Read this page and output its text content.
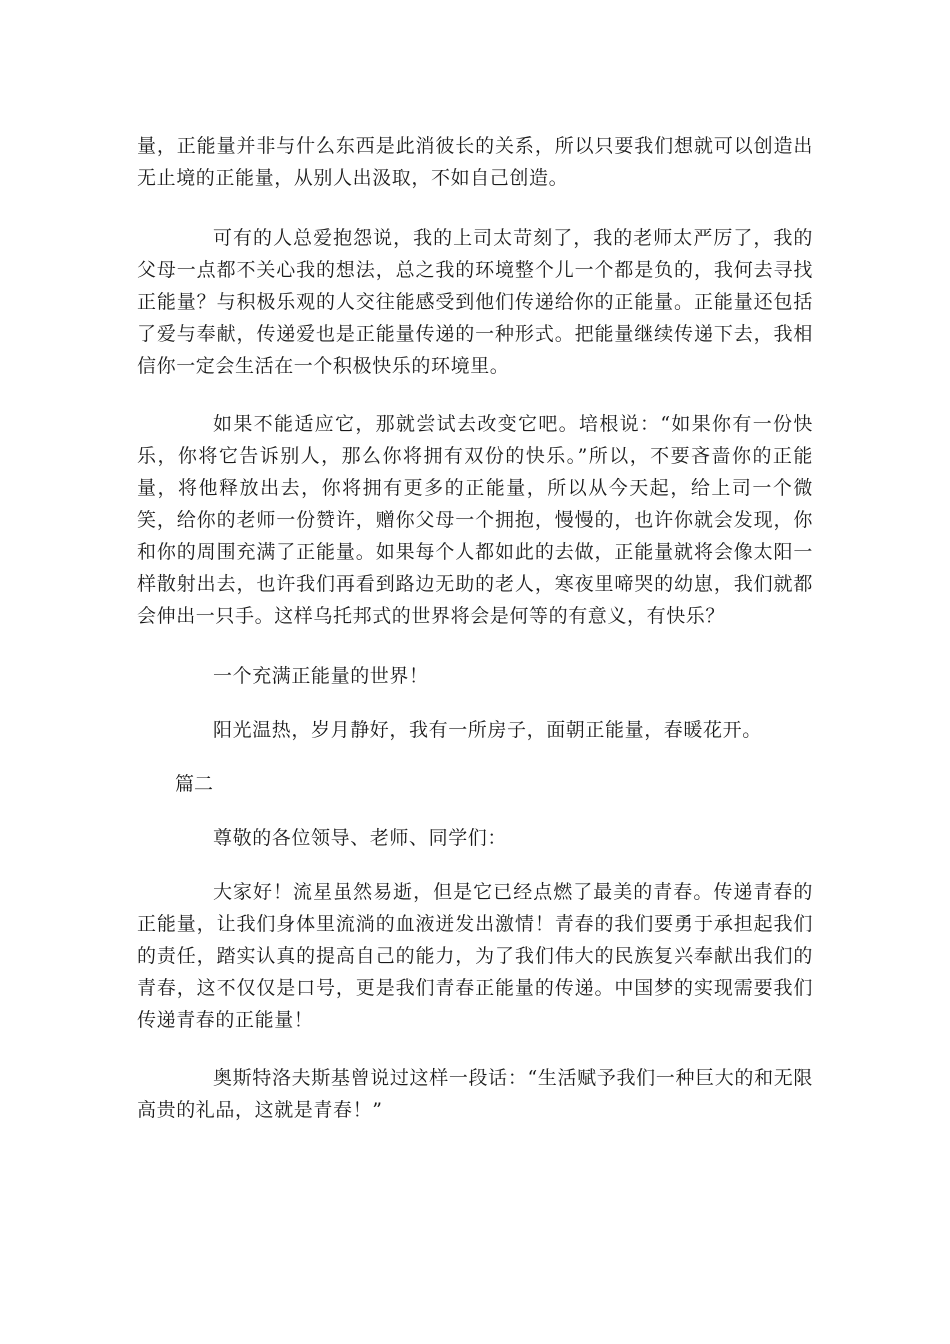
量，正能量并非与什么东西是此消彼长的关系，所以只要我们想就可以创造出无止境的正能量，从别人出汲取，不如自己创造。

可有的人总爱抱怨说，我的上司太苛刻了，我的老师太严厉了，我的父母一点都不关心我的想法，总之我的环境整个儿一个都是负的，我何去寻找正能量？与积极乐观的人交往能感受到他们传递给你的正能量。正能量还包括了爱与奉献，传递爱也是正能量传递的一种形式。把能量继续传递下去，我相信你一定会生活在一个积极快乐的环境里。

如果不能适应它，那就尝试去改变它吧。培根说：“如果你有一份快乐，你将它告诉别人，那么你将拥有双份的快乐。”所以，不要吝啬你的正能量，将他释放出去，你将拥有更多的正能量，所以从今天起，给上司一个微笑，给你的老师一份赞许，赠你父母一个拥抱，慢慢的，也许你就会发现，你和你的周围充满了正能量。如果每个人都如此的去做，正能量就将会像太阳一样散射出去，也许我们再看到路边无助的老人，寒夜里啼哭的幼崽，我们就都会伸出一只手。这样乌托邦式的世界将会是何等的有意义，有快乐？

一个充满正能量的世界！

阳光温热，岁月静好，我有一所房子，面朝正能量，春暖花开。

篇二

尊敬的各位领导、老师、同学们：

大家好！流星虽然易逝，但是它已经点燃了最美的青春。传递青春的正能量，让我们身体里流淌的血液迸发出激情！青春的我们要勇于承担起我们的责任，踏实认真的提高自己的能力，为了我们伟大的民族复兴奉献出我们的青春，这不仅仅是口号，更是我们青春正能量的传递。中国梦的实现需要我们传递青春的正能量！

奥斯特洛夫斯基曾说过这样一段话：“生活赋予我们一种巨大的和无限高贵的礼品，这就是青春！”
